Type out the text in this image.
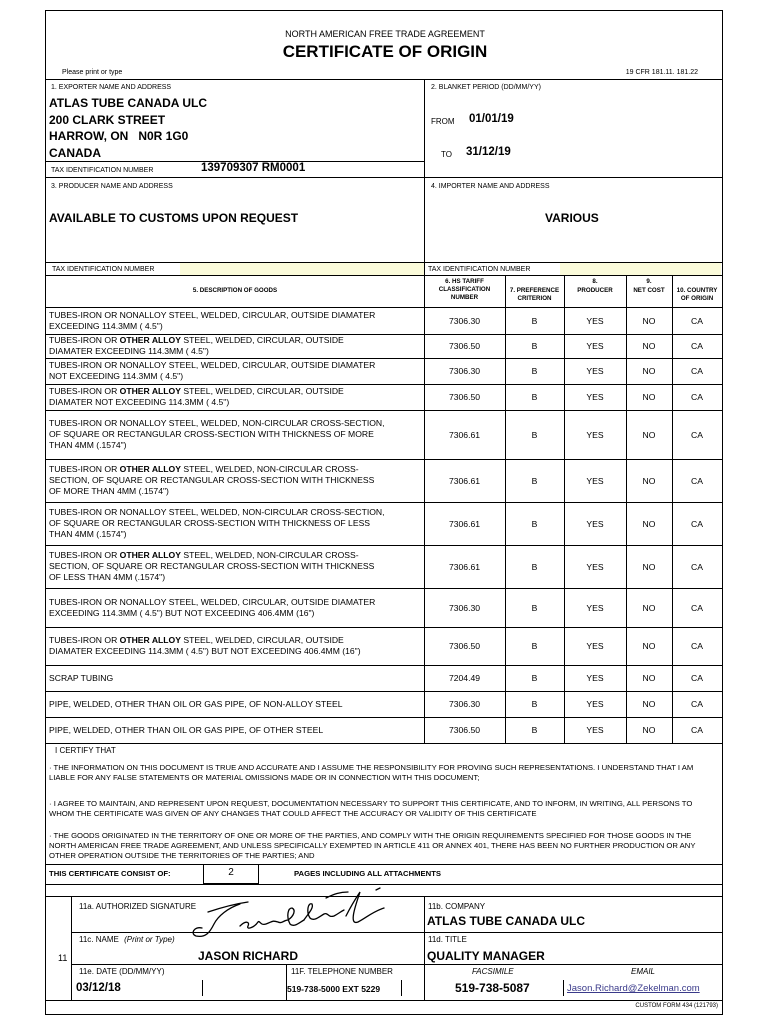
NORTH AMERICAN FREE TRADE AGREEMENT
CERTIFICATE OF ORIGIN
Please print or type	19 CFR 181.11. 181.22
1. EXPORTER NAME AND ADDRESS
ATLAS TUBE CANADA ULC
200 CLARK STREET
HARROW, ON   N0R 1G0
CANADA
TAX IDENTIFICATION NUMBER	139709307 RM0001
2. BLANKET PERIOD (DD/MM/YY)
FROM 01/01/19
TO 31/12/19
3. PRODUCER NAME AND ADDRESS
AVAILABLE TO CUSTOMS UPON REQUEST
4. IMPORTER NAME AND ADDRESS
VARIOUS
TAX IDENTIFICATION NUMBER	TAX IDENTIFICATION NUMBER
5. DESCRIPTION OF GOODS
6. HS TARIFF
CLASSIFICATION
NUMBER
7. PREFERENCE
CRITERION
8.
PRODUCER
9.
NET COST	10. COUNTRY
OF ORIGIN
TUBES-IRON OR NONALLOY STEEL, WELDED, CIRCULAR, OUTSIDE DIAMATER
EXCEEDING 114.3MM ( 4.5")	7306.30	B	YES	NO	CA
TUBES-IRON OR OTHER ALLOY STEEL, WELDED, CIRCULAR, OUTSIDE
DIAMATER EXCEEDING 114.3MM ( 4.5")	7306.50	B	YES	NO	CA
TUBES-IRON OR NONALLOY STEEL, WELDED, CIRCULAR, OUTSIDE DIAMATER
NOT EXCEEDING 114.3MM ( 4.5")	7306.30	B	YES	NO	CA
TUBES-IRON OR OTHER ALLOY STEEL, WELDED, CIRCULAR, OUTSIDE
DIAMATER NOT EXCEEDING 114.3MM ( 4.5")	7306.50	B	YES	NO	CA
TUBES-IRON OR NONALLOY STEEL, WELDED, NON-CIRCULAR CROSS-SECTION,
OF SQUARE OR RECTANGULAR CROSS-SECTION WITH THICKNESS OF MORE
THAN 4MM (.1574")
7306.61	B	YES	NO	CA
TUBES-IRON OR OTHER ALLOY STEEL, WELDED, NON-CIRCULAR CROSS-
SECTION, OF SQUARE OR RECTANGULAR CROSS-SECTION WITH THICKNESS
OF MORE THAN 4MM (.1574")
7306.61	B	YES	NO	CA
TUBES-IRON OR NONALLOY STEEL, WELDED, NON-CIRCULAR CROSS-SECTION,
OF SQUARE OR RECTANGULAR CROSS-SECTION WITH THICKNESS OF LESS
THAN 4MM (.1574")
7306.61	B	YES	NO	CA
TUBES-IRON OR OTHER ALLOY STEEL, WELDED, NON-CIRCULAR CROSS-
SECTION, OF SQUARE OR RECTANGULAR CROSS-SECTION WITH THICKNESS
OF LESS THAN 4MM (.1574")
7306.61	B	YES	NO	CA
TUBES-IRON OR NONALLOY STEEL, WELDED, CIRCULAR, OUTSIDE DIAMATER
EXCEEDING 114.3MM ( 4.5") BUT NOT EXCEEDING 406.4MM (16")	7306.30	B	YES	NO	CA
TUBES-IRON OR OTHER ALLOY STEEL, WELDED, CIRCULAR, OUTSIDE
DIAMATER EXCEEDING 114.3MM ( 4.5") BUT NOT EXCEEDING 406.4MM (16")	7306.50	B	YES	NO	CA
SCRAP TUBING	7204.49	B	YES	NO	CA
PIPE, WELDED, OTHER THAN OIL OR GAS PIPE, OF NON-ALLOY STEEL	7306.30	B	YES	NO	CA
PIPE, WELDED, OTHER THAN OIL OR GAS PIPE, OF OTHER STEEL	7306.50	B	YES	NO	CA
I CERTIFY THAT
· THE INFORMATION ON THIS DOCUMENT IS TRUE AND ACCURATE AND I ASSUME THE RESPONSIBILITY FOR PROVING SUCH REPRESENTATIONS. I UNDERSTAND THAT I AM LIABLE FOR ANY FALSE STATEMENTS OR MATERIAL OMISSIONS MADE OR IN CONNECTION WITH THIS DOCUMENT;
· I AGREE TO MAINTAIN, AND REPRESENT UPON REQUEST, DOCUMENTATION NECESSARY TO SUPPORT THIS CERTIFICATE, AND TO INFORM, IN WRITING, ALL PERSONS TO WHOM THE CERTIFICATE WAS GIVEN OF ANY CHANGES THAT COULD AFFECT THE ACCURACY OR VALIDITY OF THIS CERTIFICATE
· THE GOODS ORIGINATED IN THE TERRITORY OF ONE OR MORE OF THE PARTIES, AND COMPLY WITH THE ORIGIN REQUIREMENTS SPECIFIED FOR THOSE GOODS IN THE NORTH AMERICAN FREE TRADE AGREEMENT, AND UNLESS SPECIFICALLY EXEMPTED IN ARTICLE 411 OR ANNEX 401, THERE HAS BEEN NO FURTHER PRODUCTION OR ANY OTHER OPERATION OUTSIDE THE TERRITORIES OF THE PARTIES; AND
THIS CERTIFICATE CONSIST OF:	2	PAGES INCLUDING ALL ATTACHMENTS
11
11a. AUTHORIZED SIGNATURE	11b. COMPANY
ATLAS TUBE CANADA ULC
11c. NAME (Print or Type)
JASON RICHARD
11d. TITLE
QUALITY MANAGER
11e. DATE (DD/MM/YY)
03/12/18
11F. TELEPHONE NUMBER
519-738-5000 EXT 5229
FACSIMILE
519-738-5087
EMAIL
Jason.Richard@Zekelman.com
CUSTOM FORM 434 (121793)
